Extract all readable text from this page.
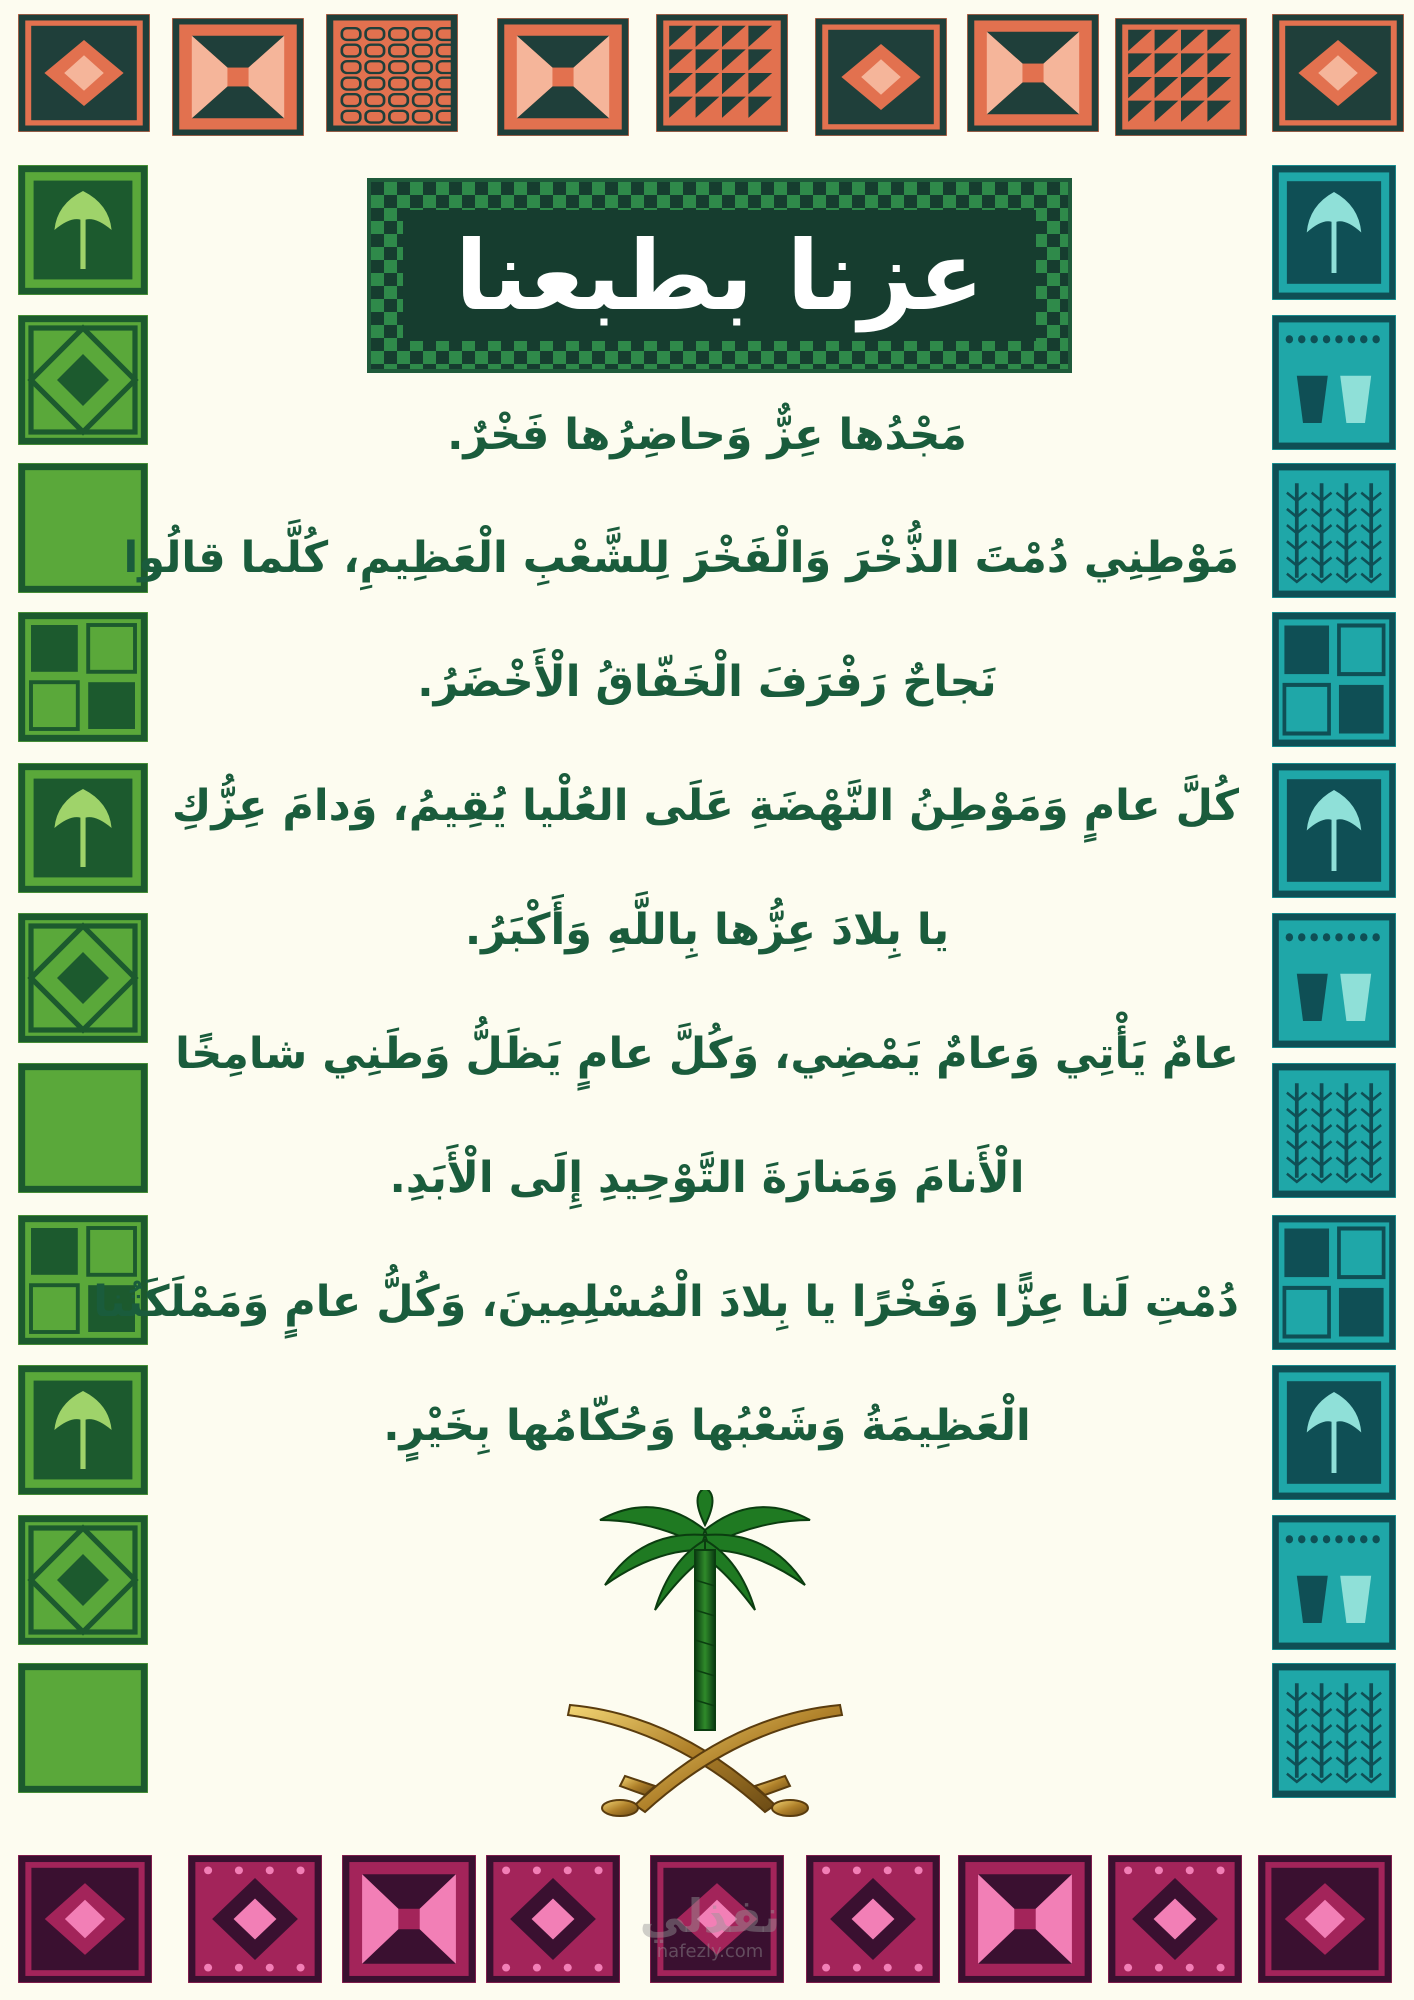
عزنا بطبعنا
مَجْدُها عِزٌّ وَحاضِرُها فَخْرٌ.
مَوْطِنِي دُمْتَ الذُّخْرَ وَالْفَخْرَ لِلشَّعْبِ الْعَظِيمِ، كُلَّما قالُوا
نَجاحٌ رَفْرَفَ الْخَفّاقُ الْأَخْضَرُ.
كُلَّ عامٍ وَمَوْطِنُ النَّهْضَةِ عَلَى العُلْيا يُقِيمُ، وَدامَ عِزُّكِ
يا بِلادَ عِزُّها بِاللَّهِ وَأَكْبَرُ.
عامٌ يَأْتِي وَعامٌ يَمْضِي، وَكُلَّ عامٍ يَظَلُّ وَطَنِي شامِخًا
الْأَنامَ وَمَنارَةَ التَّوْحِيدِ إِلَى الْأَبَدِ.
دُمْتِ لَنا عِزًّا وَفَخْرًا يا بِلادَ الْمُسْلِمِينَ، وَكُلُّ عامٍ وَمَمْلَكَتُنا
الْعَظِيمَةُ وَشَعْبُها وَحُكّامُها بِخَيْرٍ.
نفذلي
nafezly.com
